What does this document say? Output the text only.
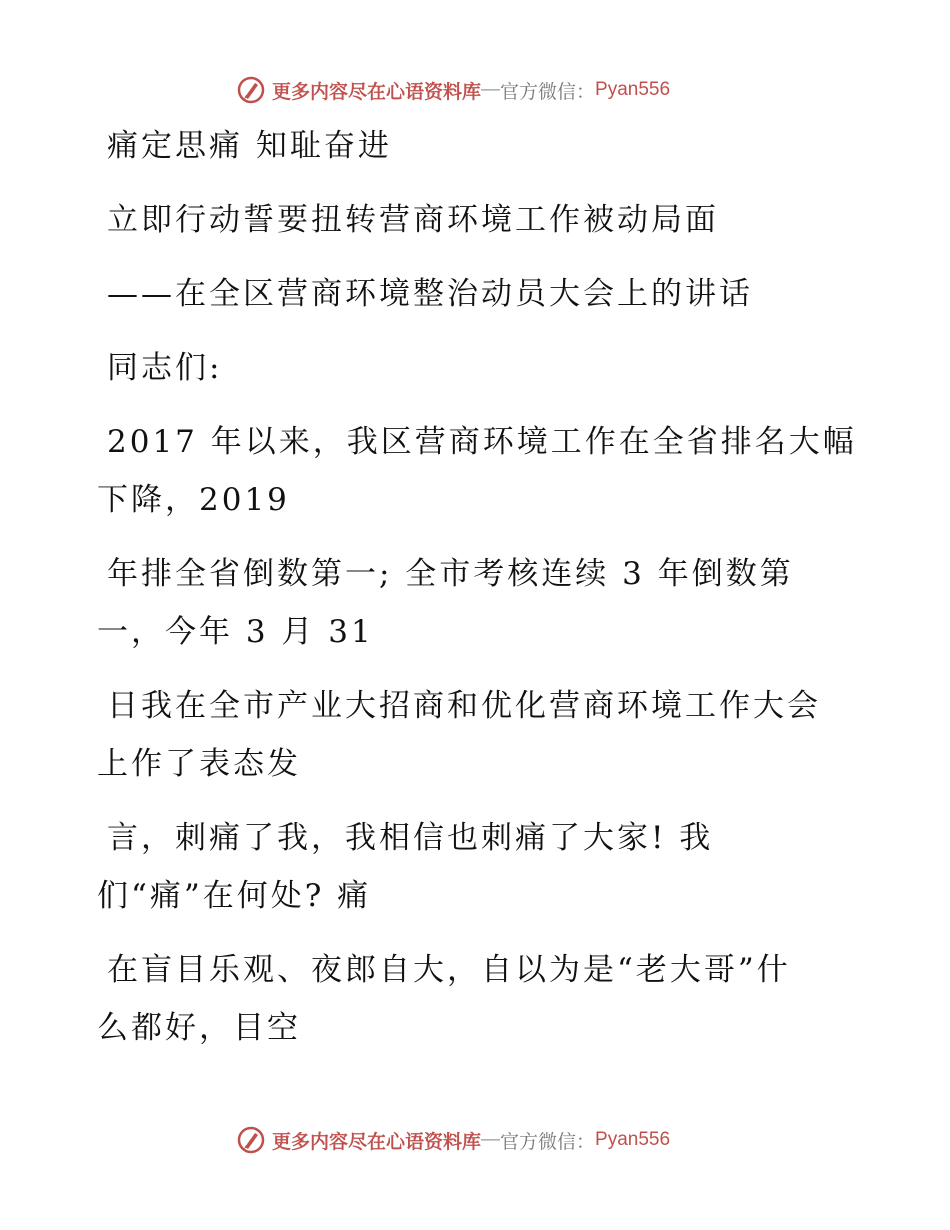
更多内容尽在心语资料库 — 官方微信： Pyan556
痛定思痛 知耻奋进
立即行动誓要扭转营商环境工作被动局面
——在全区营商环境整治动员大会上的讲话
同志们:
2017 年以来，我区营商环境工作在全省排名大幅
下降，2019
年排全省倒数第一; 全市考核连续 3 年倒数第
一，今年 3 月 31
日我在全市产业大招商和优化营商环境工作大会
上作了表态发
言，刺痛了我，我相信也刺痛了大家! 我
们“痛”在何处? 痛
在盲目乐观、夜郎自大，自以为是“老大哥”什
么都好，目空
更多内容尽在心语资料库 — 官方微信： Pyan556
